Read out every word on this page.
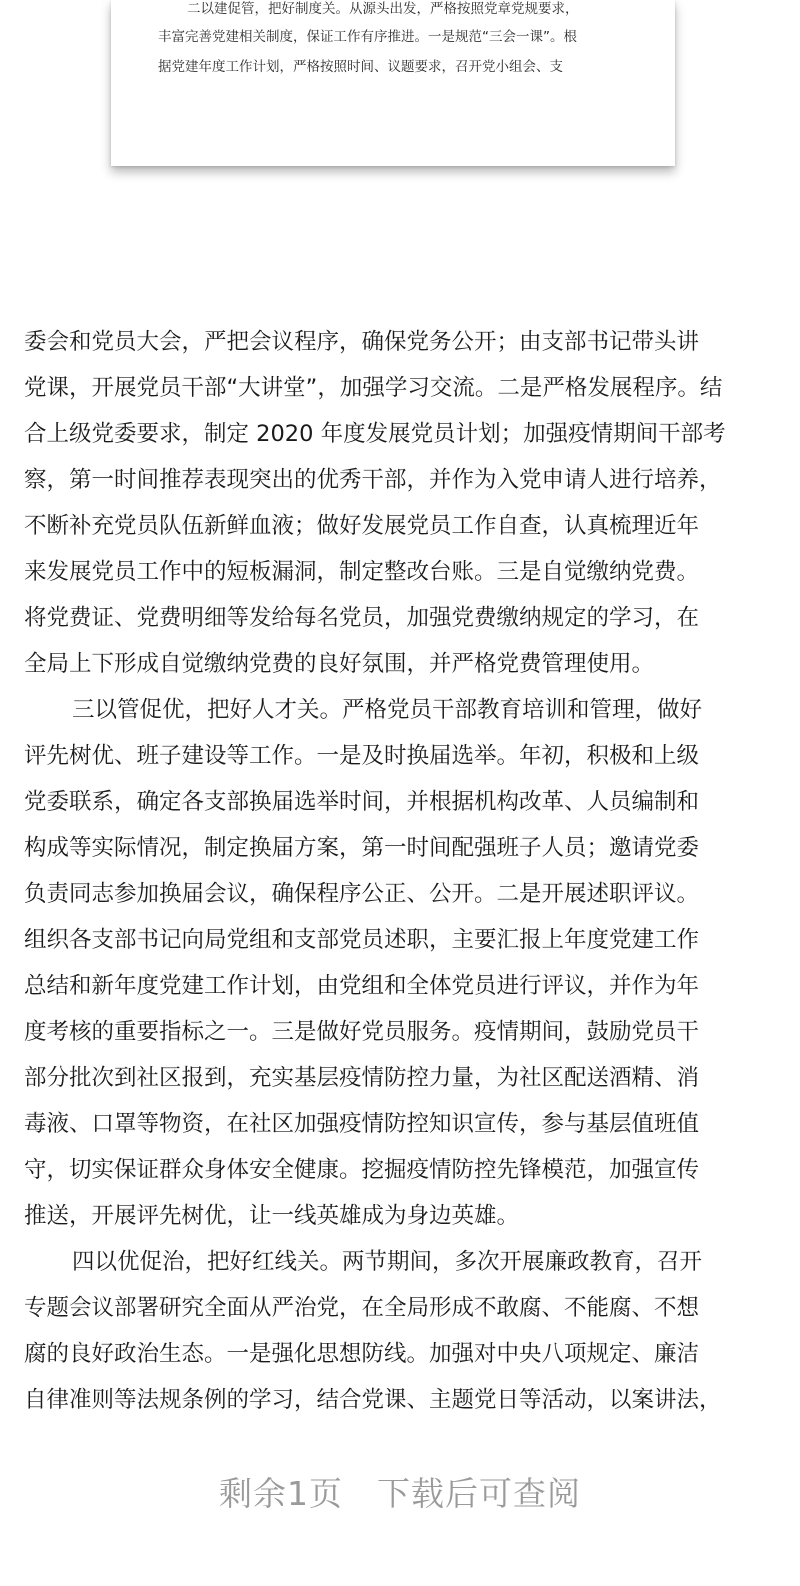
二以建促管，把好制度关。从源头出发，严格按照党章党规要求，
丰富完善党建相关制度，保证工作有序推进。一是规范“三会一课”。根
据党建年度工作计划，严格按照时间、议题要求，召开党小组会、支
委会和党员大会，严把会议程序，确保党务公开；由支部书记带头讲
党课，开展党员干部“大讲堂”，加强学习交流。二是严格发展程序。结
合上级党委要求，制定 2020 年度发展党员计划；加强疫情期间干部考
察，第一时间推荐表现突出的优秀干部，并作为入党申请人进行培养，
不断补充党员队伍新鲜血液；做好发展党员工作自查，认真梳理近年
来发展党员工作中的短板漏洞，制定整改台账。三是自觉缴纳党费。
将党费证、党费明细等发给每名党员，加强党费缴纳规定的学习，在
全局上下形成自觉缴纳党费的良好氛围，并严格党费管理使用。
三以管促优，把好人才关。严格党员干部教育培训和管理，做好
评先树优、班子建设等工作。一是及时换届选举。年初，积极和上级
党委联系，确定各支部换届选举时间，并根据机构改革、人员编制和
构成等实际情况，制定换届方案，第一时间配强班子人员；邀请党委
负责同志参加换届会议，确保程序公正、公开。二是开展述职评议。
组织各支部书记向局党组和支部党员述职，主要汇报上年度党建工作
总结和新年度党建工作计划，由党组和全体党员进行评议，并作为年
度考核的重要指标之一。三是做好党员服务。疫情期间，鼓励党员干
部分批次到社区报到，充实基层疫情防控力量，为社区配送酒精、消
毒液、口罩等物资，在社区加强疫情防控知识宣传，参与基层值班值
守，切实保证群众身体安全健康。挖掘疫情防控先锋模范，加强宣传
推送，开展评先树优，让一线英雄成为身边英雄。
四以优促治，把好红线关。两节期间，多次开展廉政教育，召开
专题会议部署研究全面从严治党，在全局形成不敢腐、不能腐、不想
腐的良好政治生态。一是强化思想防线。加强对中央八项规定、廉洁
自律准则等法规条例的学习，结合党课、主题党日等活动，以案讲法，
剩余1页 下载后可查阅
